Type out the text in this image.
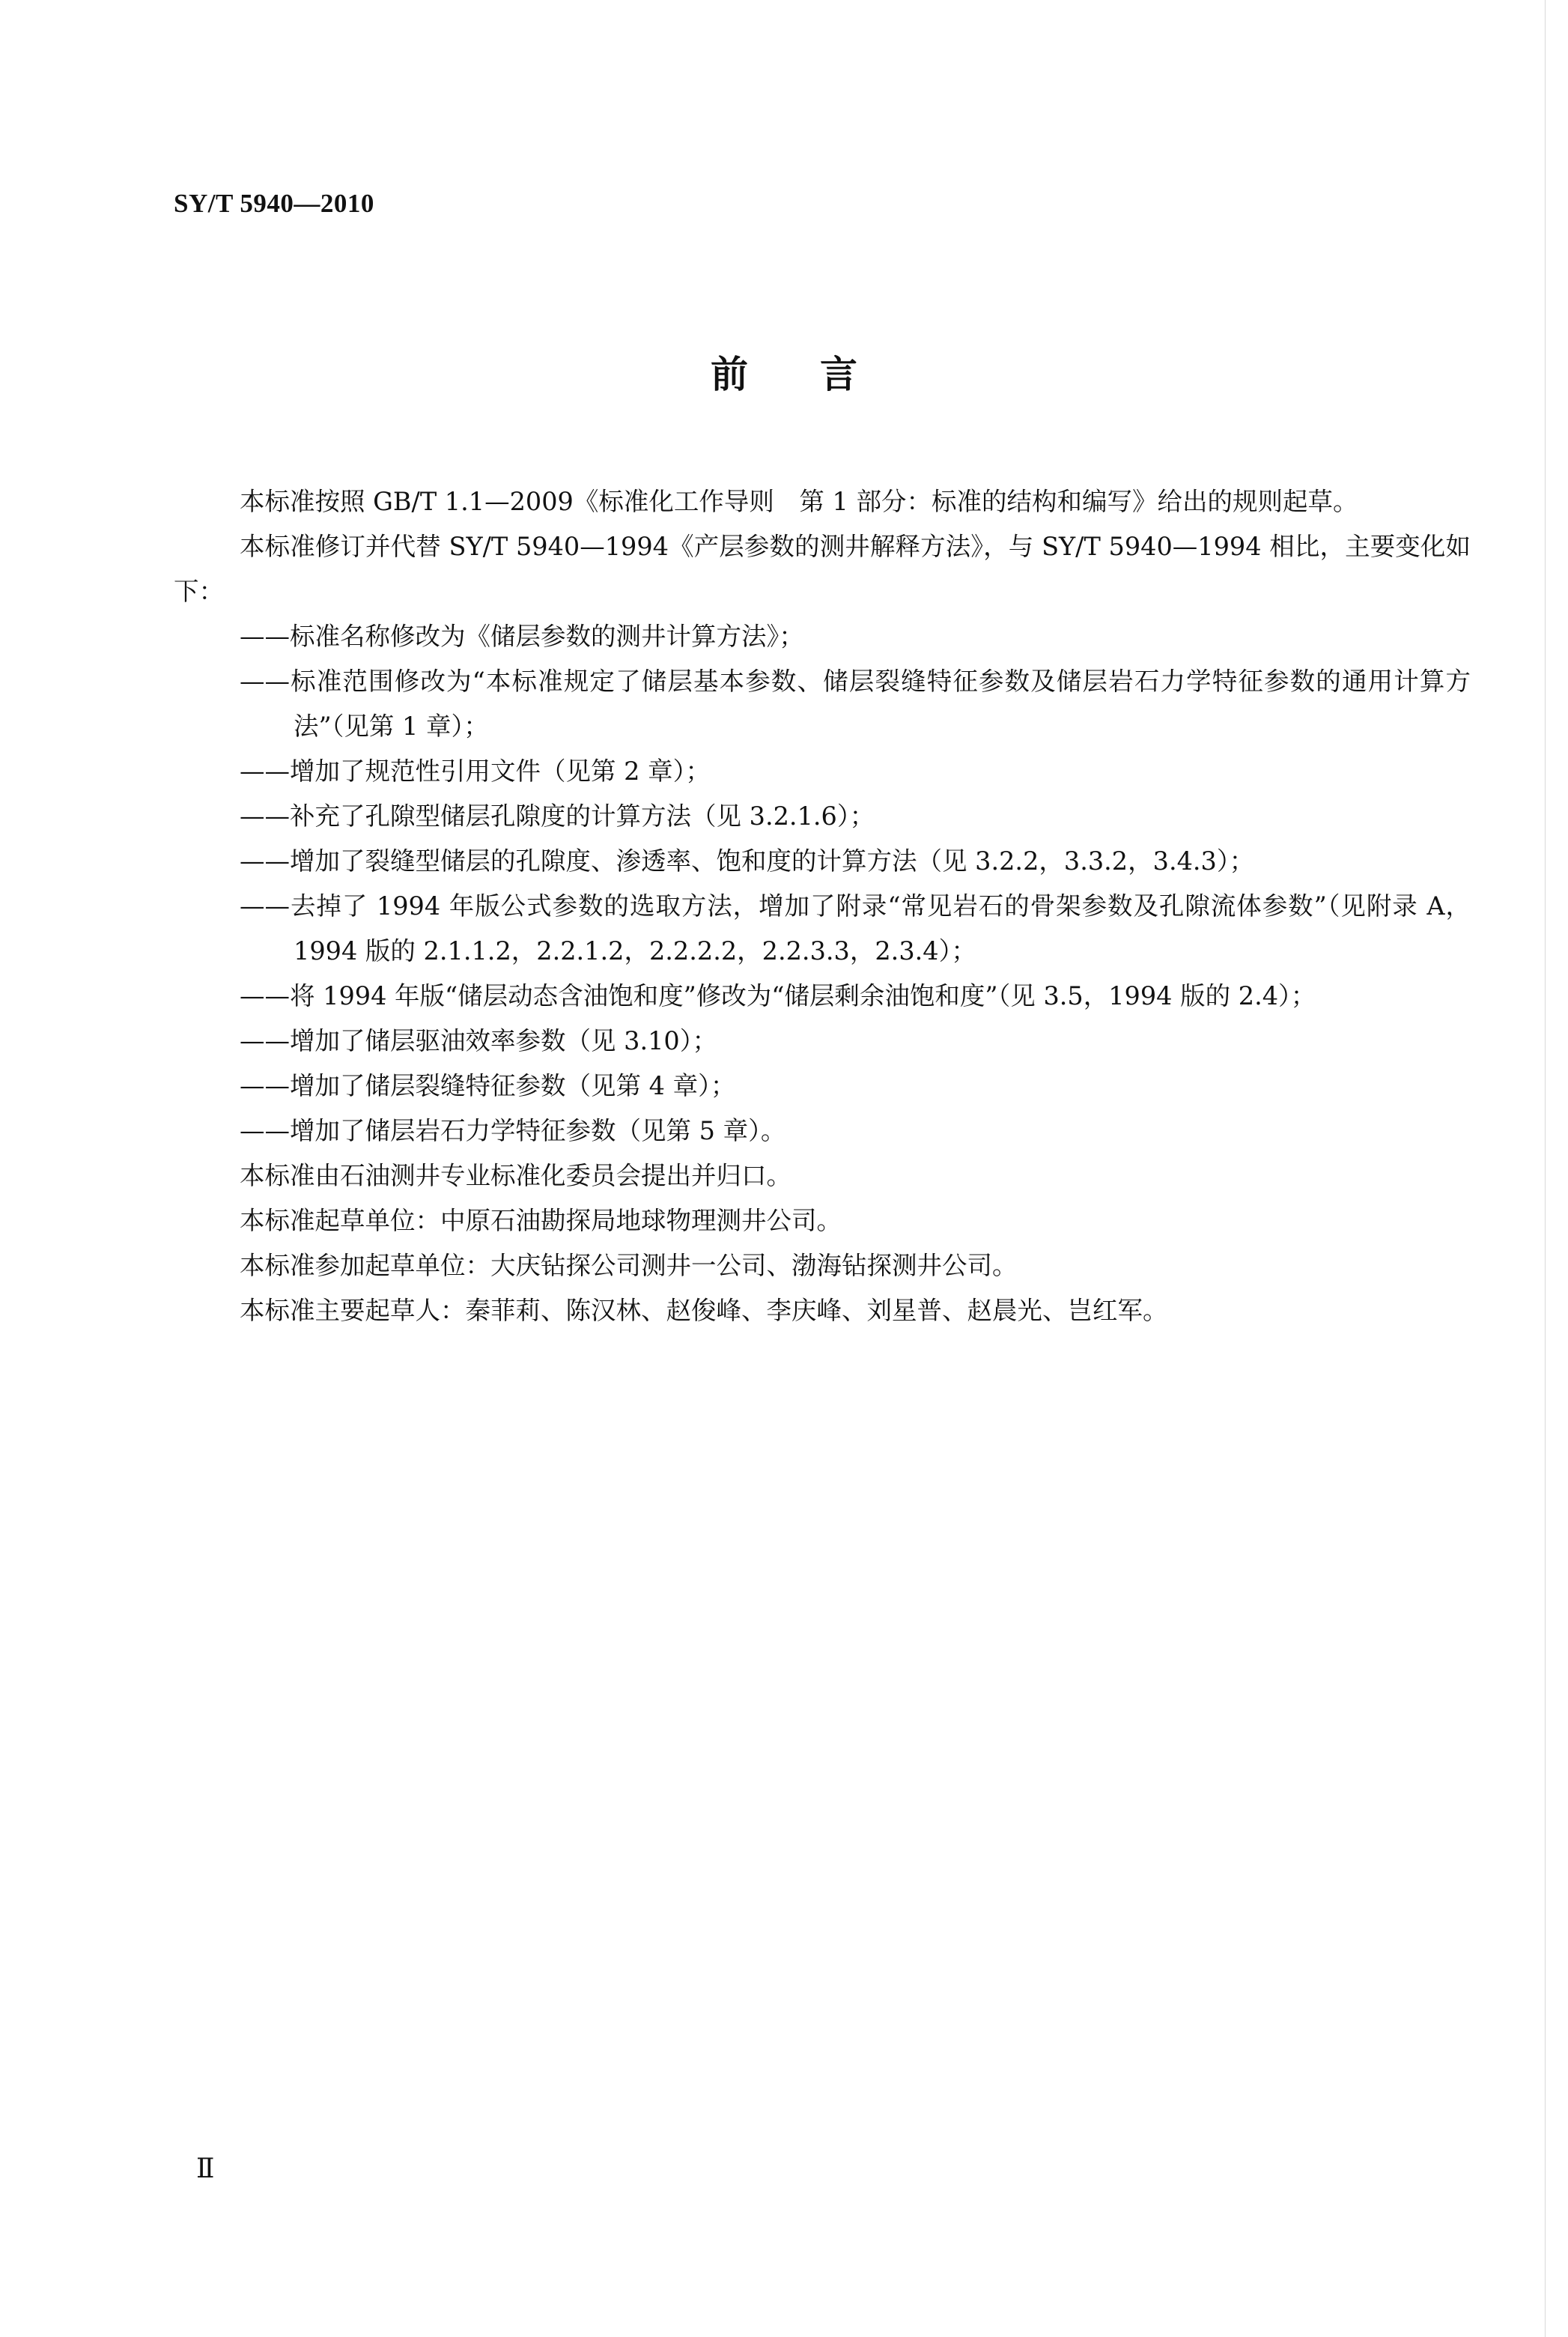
SY/T 5940—2010
前 言

本标准按照 GB/T 1.1—2009《标准化工作导则　第 1 部分：标准的结构和编写》给出的规则起草。

本标准修订并代替 SY/T 5940—1994《产层参数的测井解释方法》，与 SY/T 5940—1994 相比，主要变化如下：

——标准名称修改为《储层参数的测井计算方法》；

——标准范围修改为“本标准规定了储层基本参数、储层裂缝特征参数及储层岩石力学特征参数的通用计算方法”（见第 1 章）；

——增加了规范性引用文件（见第 2 章）；

——补充了孔隙型储层孔隙度的计算方法（见 3.2.1.6）；

——增加了裂缝型储层的孔隙度、渗透率、饱和度的计算方法（见 3.2.2，3.3.2，3.4.3）；

——去掉了 1994 年版公式参数的选取方法，增加了附录“常见岩石的骨架参数及孔隙流体参数”（见附录 A，1994 版的 2.1.1.2，2.2.1.2，2.2.2.2，2.2.3.3，2.3.4）；

——将 1994 年版“储层动态含油饱和度”修改为“储层剩余油饱和度”（见 3.5，1994 版的 2.4）；

——增加了储层驱油效率参数（见 3.10）；

——增加了储层裂缝特征参数（见第 4 章）；

——增加了储层岩石力学特征参数（见第 5 章）。

本标准由石油测井专业标准化委员会提出并归口。

本标准起草单位：中原石油勘探局地球物理测井公司。

本标准参加起草单位：大庆钻探公司测井一公司、渤海钻探测井公司。

本标准主要起草人：秦菲莉、陈汉林、赵俊峰、李庆峰、刘星普、赵晨光、岂红军。

Ⅱ
